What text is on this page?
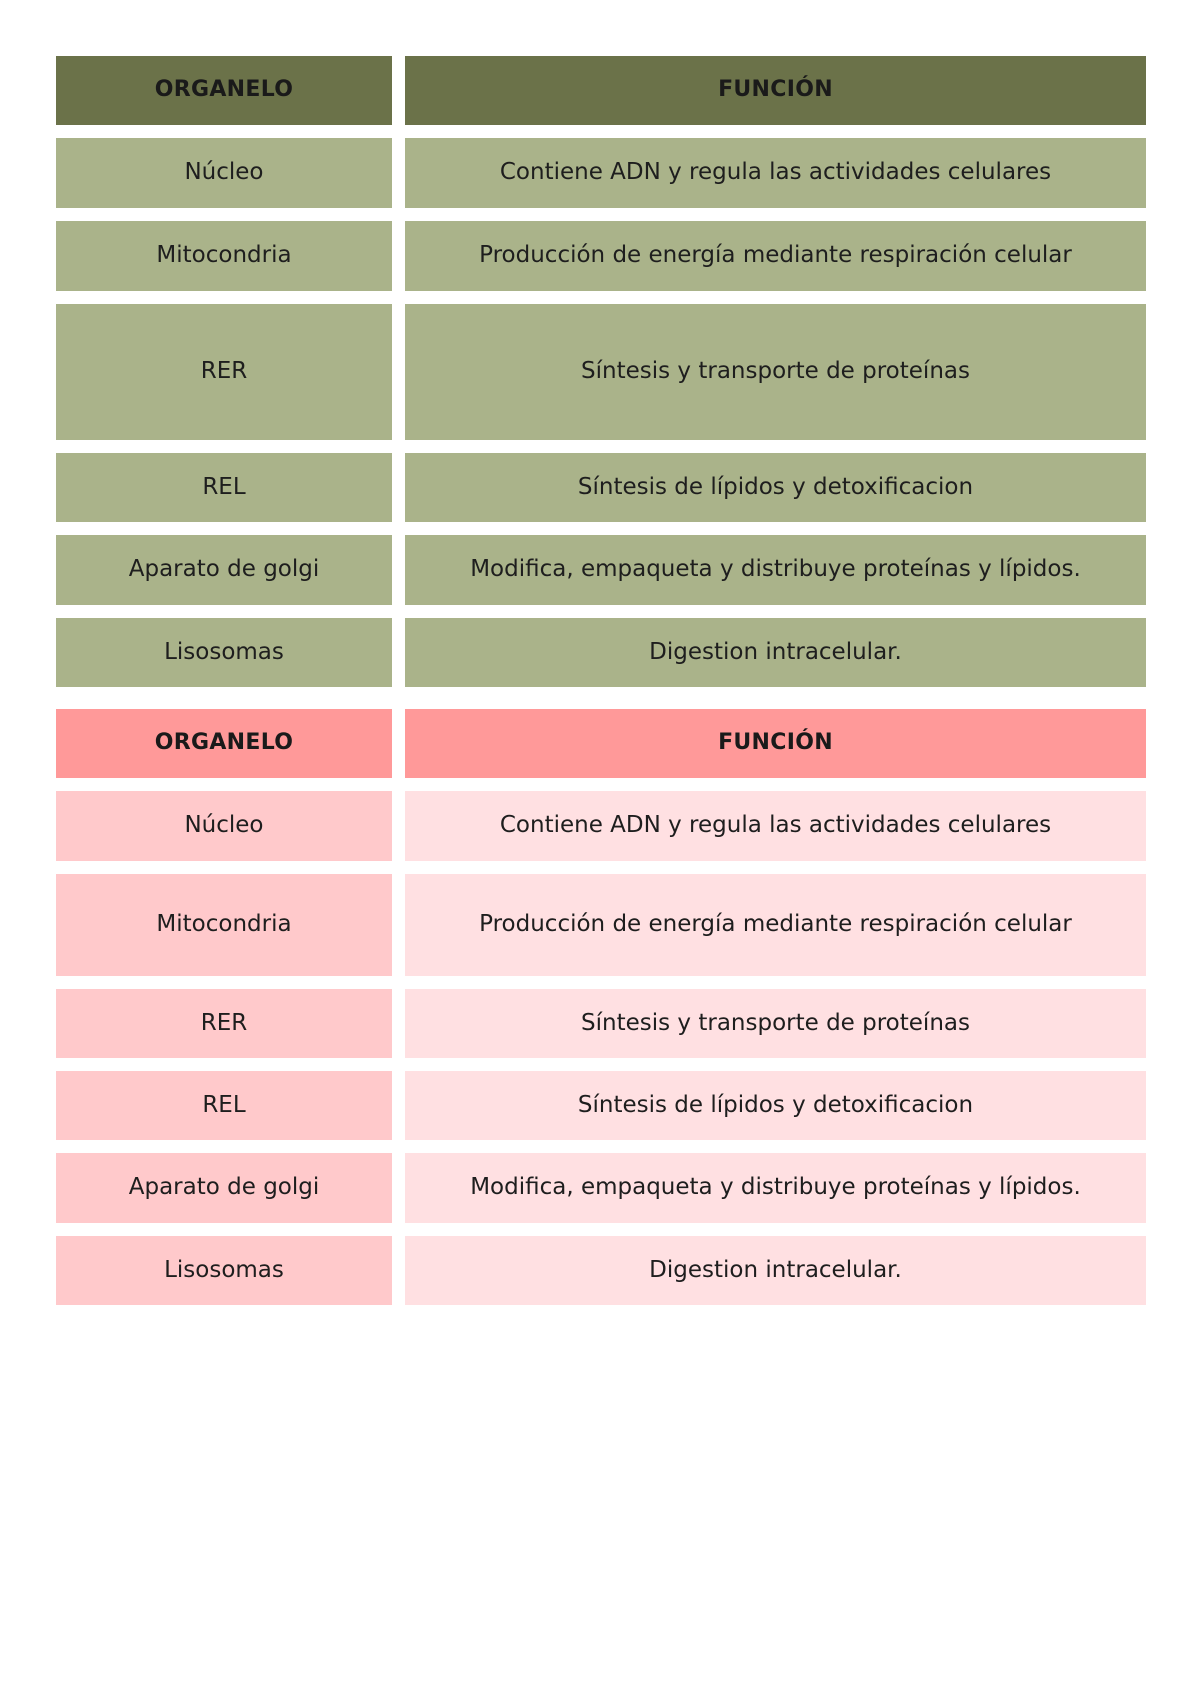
ORGANELO	FUNCIÓN
Núcleo	Contiene ADN y regula las actividades celulares
Mitocondria	Producción de energía mediante respiración celular
RER	Síntesis y transporte de proteínas
REL	Síntesis de lípidos y detoxificacion
Aparato de golgi	Modifica, empaqueta y distribuye proteínas y lípidos.
Lisosomas	Digestion intracelular.
ORGANELO	FUNCIÓN
Núcleo	Contiene ADN y regula las actividades celulares
Mitocondria	Producción de energía mediante respiración celular
RER	Síntesis y transporte de proteínas
REL	Síntesis de lípidos y detoxificacion
Aparato de golgi	Modifica, empaqueta y distribuye proteínas y lípidos.
Lisosomas	Digestion intracelular.
